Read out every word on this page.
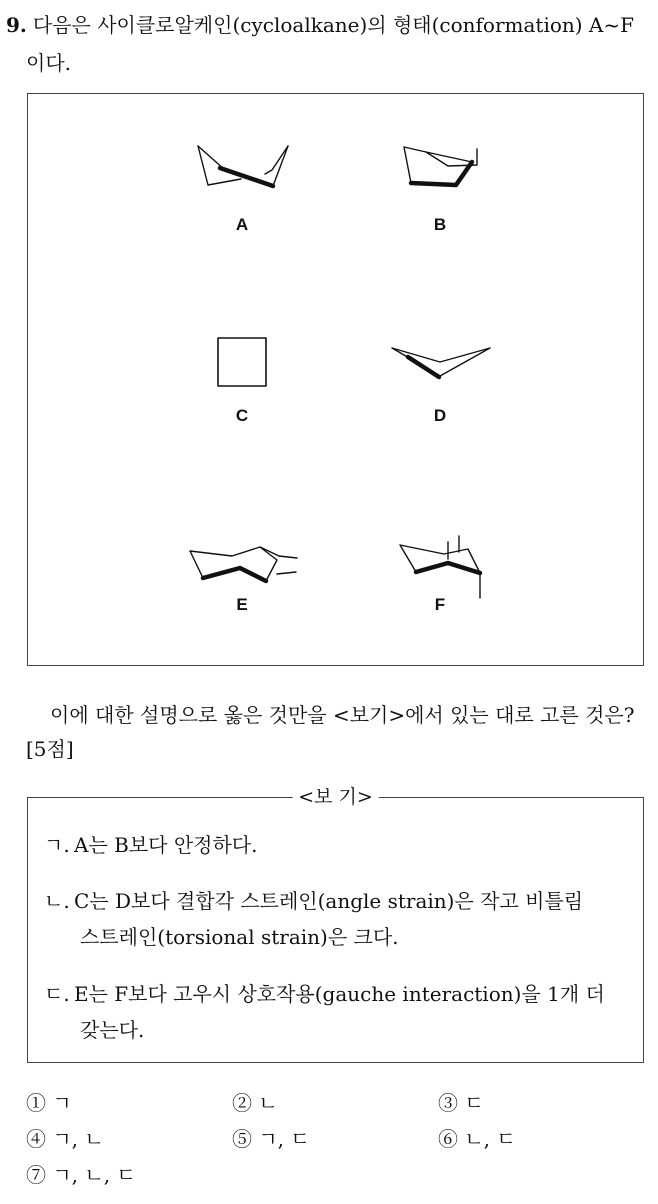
9. 다음은 사이클로알케인(cycloalkane)의 형태(conformation) A~F
이다.
A	B
C	D
E	F
이에 대한 설명으로 옳은 것만을 <보기>에서 있는 대로 고른 것은? [5점]
<보 기>
ㄱ. A는 B보다 안정하다.
ㄴ. C는 D보다 결합각 스트레인(angle strain)은 작고 비틀림
스트레인(torsional strain)은 크다.
ㄷ. E는 F보다 고우시 상호작용(gauche interaction)을 1개 더
갖는다.
① ㄱ	② ㄴ	③ ㄷ
④ ㄱ, ㄴ	⑤ ㄱ, ㄷ	⑥ ㄴ, ㄷ
⑦ ㄱ, ㄴ, ㄷ
